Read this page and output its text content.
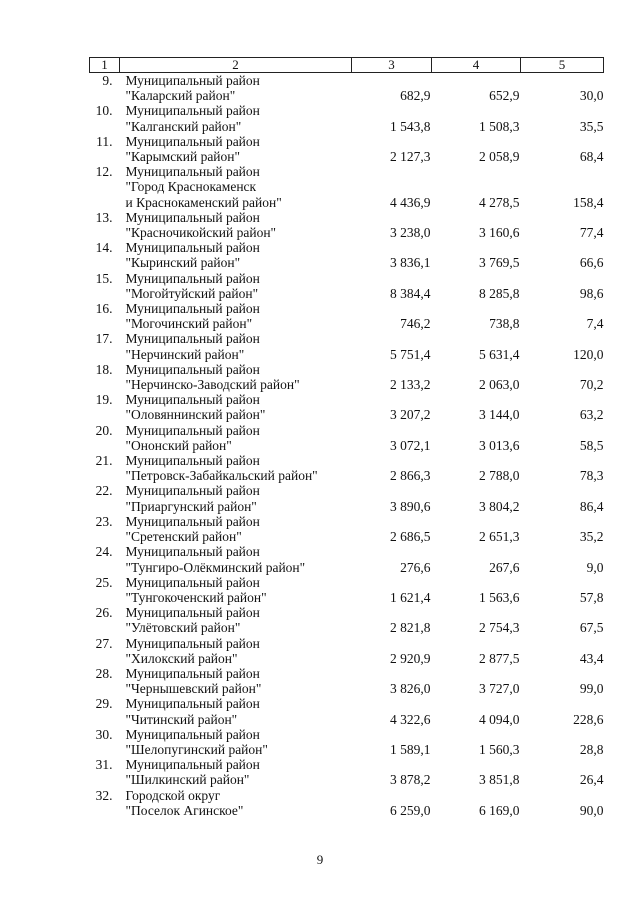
1	2	3	4	5
9.	Муниципальный район
"Каларский район"	682,9	652,9	30,0
10.	Муниципальный район
"Калганский район"	1 543,8	1 508,3	35,5
11.	Муниципальный район
"Карымский район"	2 127,3	2 058,9	68,4
12.	Муниципальный район
"Город Краснокаменск
и Краснокаменский район"	4 436,9	4 278,5	158,4
13.	Муниципальный район
"Красночикойский район"	3 238,0	3 160,6	77,4
14.	Муниципальный район
"Кыринский район"	3 836,1	3 769,5	66,6
15.	Муниципальный район
"Могойтуйский район"	8 384,4	8 285,8	98,6
16.	Муниципальный район
"Могочинский район"	746,2	738,8	7,4
17.	Муниципальный район
"Нерчинский район"	5 751,4	5 631,4	120,0
18.	Муниципальный район
"Нерчинско-Заводский район"	2 133,2	2 063,0	70,2
19.	Муниципальный район
"Оловяннинский район"	3 207,2	3 144,0	63,2
20.	Муниципальный район
"Ононский район"	3 072,1	3 013,6	58,5
21.	Муниципальный район
"Петровск-Забайкальский район"	2 866,3	2 788,0	78,3
22.	Муниципальный район
"Приаргунский район"	3 890,6	3 804,2	86,4
23.	Муниципальный район
"Сретенский район"	2 686,5	2 651,3	35,2
24.	Муниципальный район
"Тунгиро-Олёкминский район"	276,6	267,6	9,0
25.	Муниципальный район
"Тунгокоченский район"	1 621,4	1 563,6	57,8
26.	Муниципальный район
"Улётовский район"	2 821,8	2 754,3	67,5
27.	Муниципальный район
"Хилокский район"	2 920,9	2 877,5	43,4
28.	Муниципальный район
"Чернышевский район"	3 826,0	3 727,0	99,0
29.	Муниципальный район
"Читинский район"	4 322,6	4 094,0	228,6
30.	Муниципальный район
"Шелопугинский район"	1 589,1	1 560,3	28,8
31.	Муниципальный район
"Шилкинский район"	3 878,2	3 851,8	26,4
32.	Городской округ
"Поселок Агинское"	6 259,0	6 169,0	90,0
9
